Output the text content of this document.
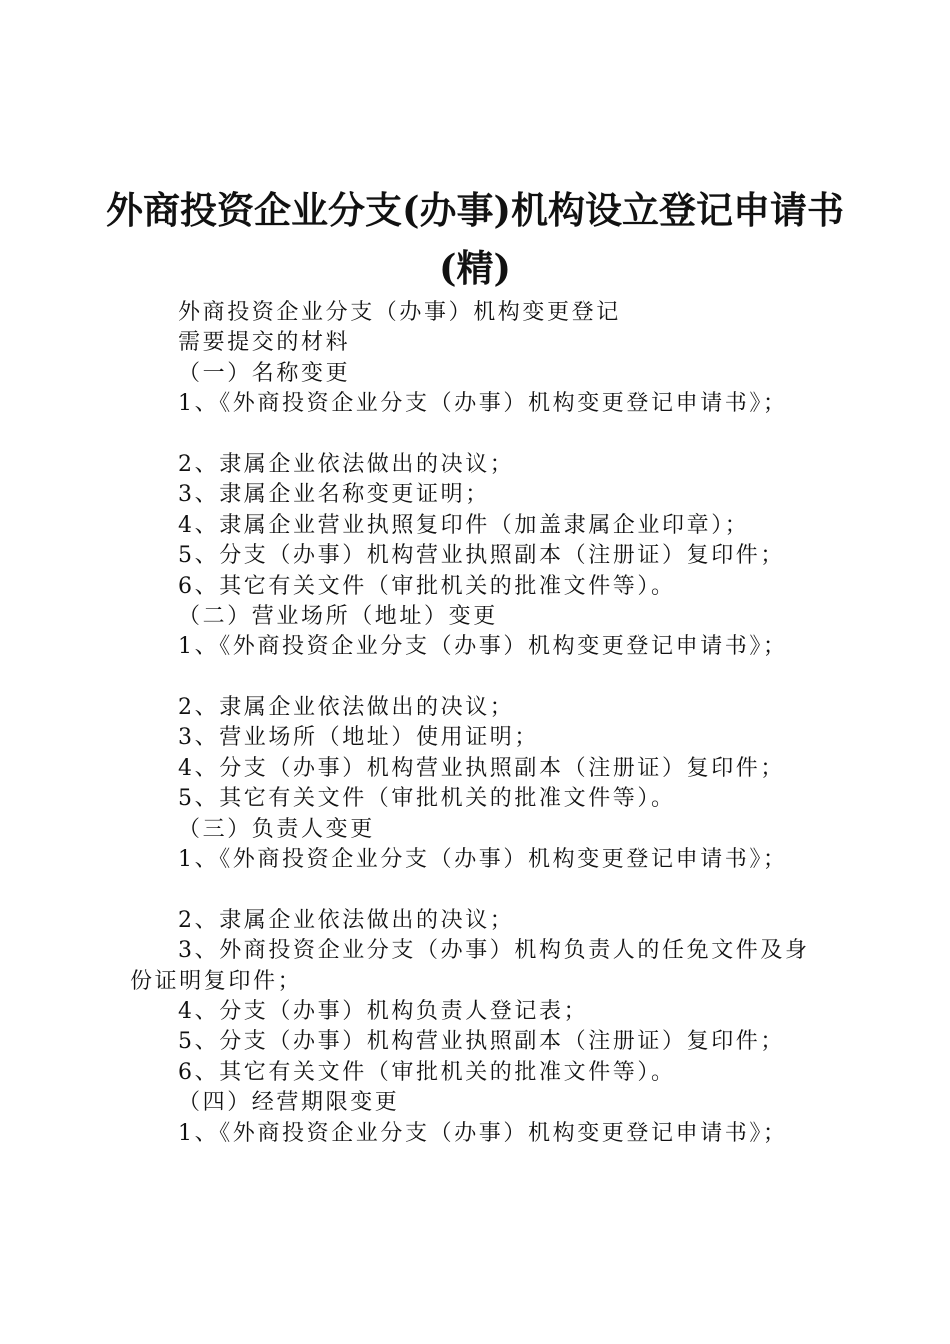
外商投资企业分支(办事)机构设立登记申请书
(精)
外商投资企业分支（办事）机构变更登记
需要提交的材料
（一）名称变更
1、《外商投资企业分支（办事）机构变更登记申请书》；
2、隶属企业依法做出的决议；
3、隶属企业名称变更证明；
4、隶属企业营业执照复印件（加盖隶属企业印章）；
5、分支（办事）机构营业执照副本（注册证）复印件；
6、其它有关文件（审批机关的批准文件等）。
（二）营业场所（地址）变更
1、《外商投资企业分支（办事）机构变更登记申请书》；
2、隶属企业依法做出的决议；
3、营业场所（地址）使用证明；
4、分支（办事）机构营业执照副本（注册证）复印件；
5、其它有关文件（审批机关的批准文件等）。
（三）负责人变更
1、《外商投资企业分支（办事）机构变更登记申请书》；
2、隶属企业依法做出的决议；
3、外商投资企业分支（办事）机构负责人的任免文件及身
份证明复印件；
4、分支（办事）机构负责人登记表；
5、分支（办事）机构营业执照副本（注册证）复印件；
6、其它有关文件（审批机关的批准文件等）。
（四）经营期限变更
1、《外商投资企业分支（办事）机构变更登记申请书》；
